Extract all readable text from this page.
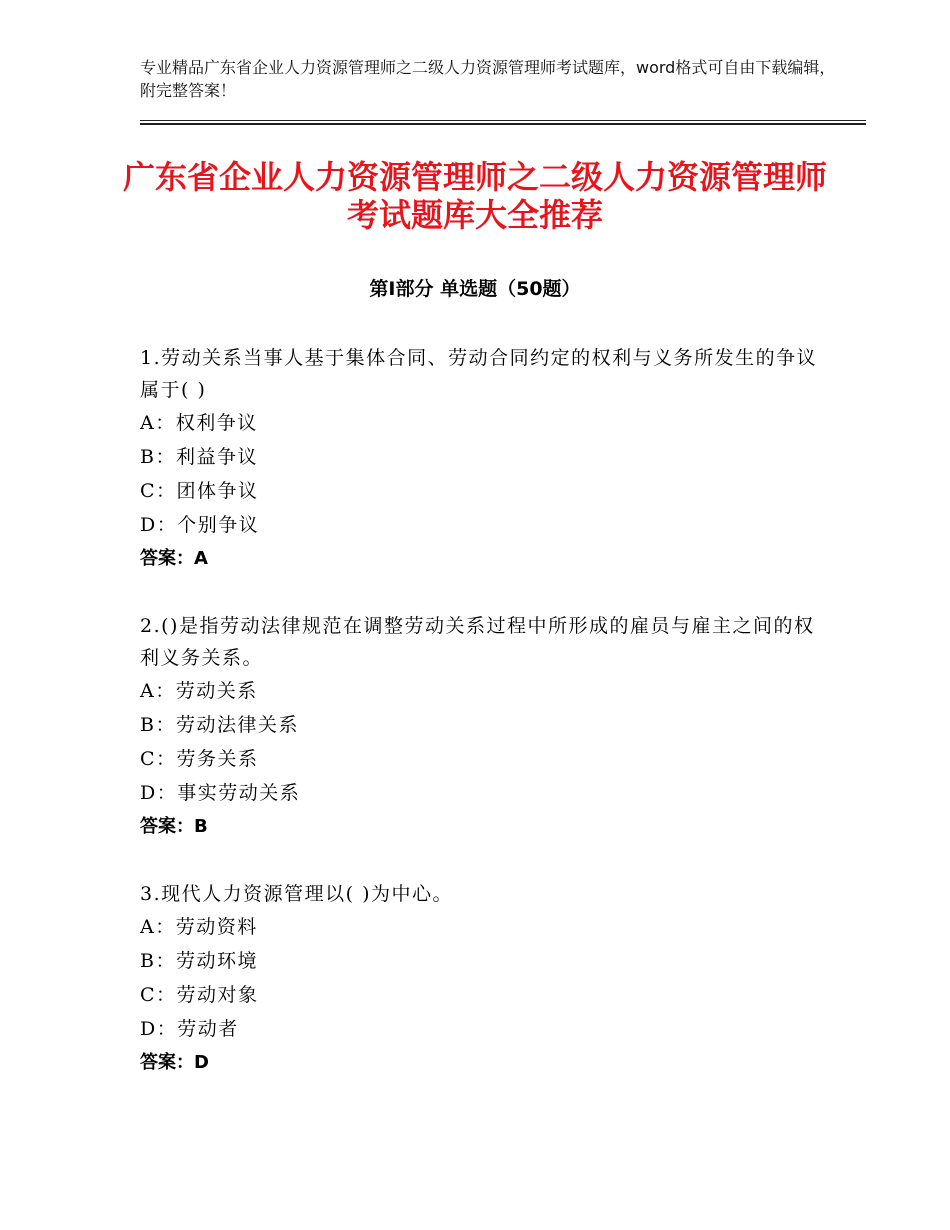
专业精品广东省企业人力资源管理师之二级人力资源管理师考试题库，word格式可自由下载编辑，附完整答案！
广东省企业人力资源管理师之二级人力资源管理师考试题库大全推荐
第Ⅰ部分 单选题（50题）
1.劳动关系当事人基于集体合同、劳动合同约定的权利与义务所发生的争议属于( )
A：权利争议
B：利益争议
C：团体争议
D：个别争议
答案：A
2.()是指劳动法律规范在调整劳动关系过程中所形成的雇员与雇主之间的权利义务关系。
A：劳动关系
B：劳动法律关系
C：劳务关系
D：事实劳动关系
答案：B
3.现代人力资源管理以( )为中心。
A：劳动资料
B：劳动环境
C：劳动对象
D：劳动者
答案：D
